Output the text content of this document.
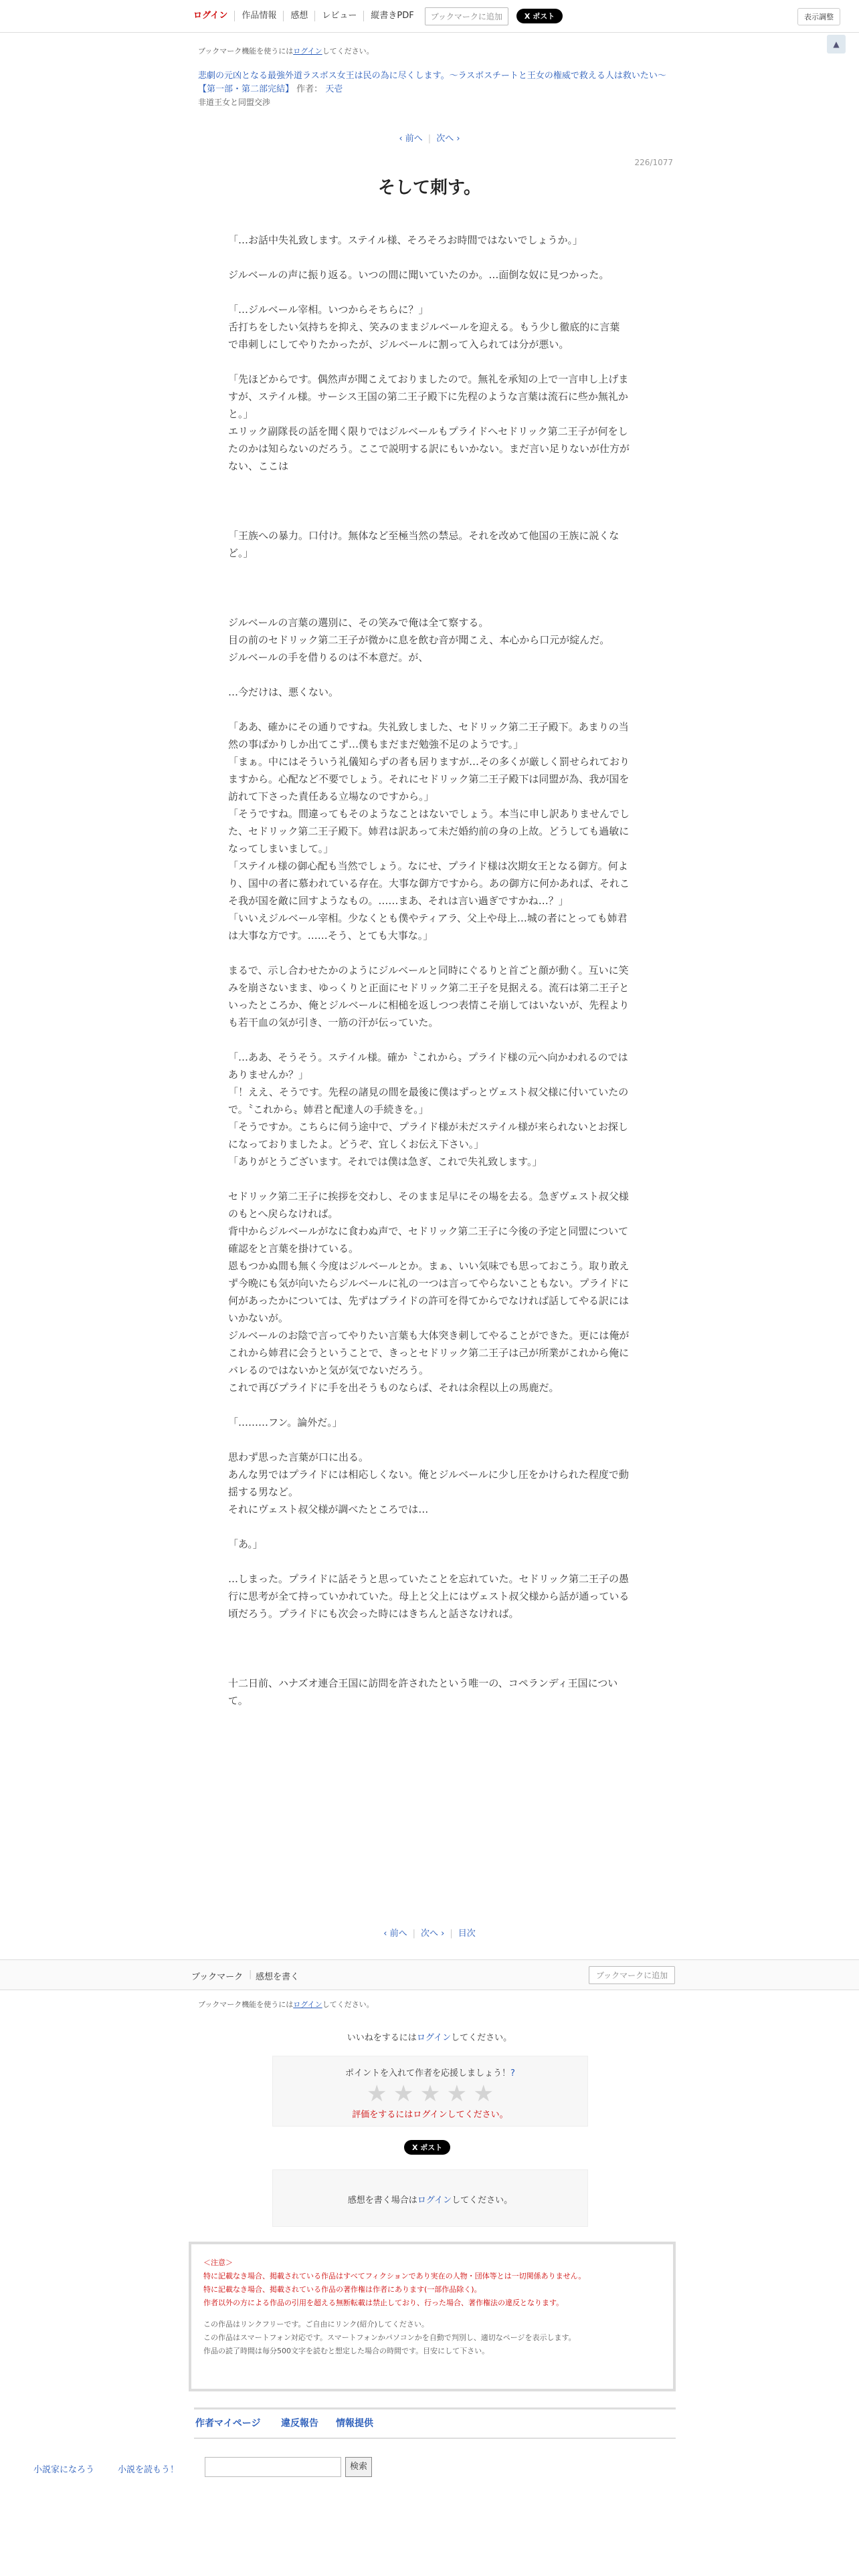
ログイン	作品情報	感想	レビュー	縦書きPDF	ブックマークに追加	X ポスト	表示調整
▲
ブックマーク機能を使うにはログインしてください。
悲劇の元凶となる最強外道ラスボス女王は民の為に尽くします。〜ラスボスチートと王女の権威で救える人は救いたい〜【第一部・第二部完結】 作者： 天壱
非道王女と同盟交渉
‹ 前へ | 次へ ›
226/1077
そして刺す。

「…お話中失礼致します。ステイル様、そろそろお時間ではないでしょうか。」

ジルベールの声に振り返る。いつの間に聞いていたのか。…面倒な奴に見つかった。

「…ジルベール宰相。いつからそちらに？」

舌打ちをしたい気持ちを抑え、笑みのままジルベールを迎える。もう少し徹底的に言葉で串刺しにしてやりたかったが、ジルベールに割って入られては分が悪い。

「先ほどからです。偶然声が聞こえておりましたので。無礼を承知の上で一言申し上げますが、ステイル様。サーシス王国の第二王子殿下に先程のような言葉は流石に些か無礼かと。」

エリック副隊長の話を聞く限りではジルベールもプライドへセドリック第二王子が何をしたのかは知らないのだろう。ここで説明する訳にもいかない。まだ言い足りないが仕方がない、ここは

「王族への暴力。口付け。無体など至極当然の禁忌。それを改めて他国の王族に説くなど。」

ジルベールの言葉の選別に、その笑みで俺は全て察する。

目の前のセドリック第二王子が微かに息を飲む音が聞こえ、本心から口元が綻んだ。

ジルベールの手を借りるのは不本意だ。が、

…今だけは、悪くない。

「ああ、確かにその通りですね。失礼致しました、セドリック第二王子殿下。あまりの当然の事ばかりしか出てこず…僕もまだまだ勉強不足のようです。」

「まぁ。中にはそういう礼儀知らずの者も居りますが…その多くが厳しく罰せられておりますから。心配など不要でしょう。それにセドリック第二王子殿下は同盟が為、我が国を訪れて下さった責任ある立場なのですから。」

「そうですね。間違ってもそのようなことはないでしょう。本当に申し訳ありませんでした、セドリック第二王子殿下。姉君は訳あって未だ婚約前の身の上故。どうしても過敏になってしまいまして。」

「ステイル様の御心配も当然でしょう。なにせ、プライド様は次期女王となる御方。何より、国中の者に慕われている存在。大事な御方ですから。あの御方に何かあれば、それこそ我が国を敵に回すようなもの。……まあ、それは言い過ぎですかね…？」

「いいえジルベール宰相。少なくとも僕やティアラ、父上や母上…城の者にとっても姉君は大事な方です。……そう、とても大事な。」

まるで、示し合わせたかのようにジルベールと同時にぐるりと首ごと顔が動く。互いに笑みを崩さないまま、ゆっくりと正面にセドリック第二王子を見据える。流石は第二王子といったところか、俺とジルベールに相槌を返しつつ表情こそ崩してはいないが、先程よりも若干血の気が引き、一筋の汗が伝っていた。

「…ああ、そうそう。ステイル様。確か〝これから〟プライド様の元へ向かわれるのではありませんか？」

「！ええ、そうです。先程の諸見の間を最後に僕はずっとヴェスト叔父様に付いていたので。〝これから〟姉君と配達人の手続きを。」

「そうですか。こちらに伺う途中で、プライド様が未だステイル様が来られないとお探しになっておりましたよ。どうぞ、宜しくお伝え下さい。」

「ありがとうございます。それでは僕は急ぎ、これで失礼致します。」

セドリック第二王子に挨拶を交わし、そのまま足早にその場を去る。急ぎヴェスト叔父様のもとへ戻らなければ。

背中からジルベールがなに食わぬ声で、セドリック第二王子に今後の予定と同盟について確認をと言葉を掛けている。

恩もつかぬ間も無く今度はジルベールとか。まぁ、いい気味でも思っておこう。取り敢えず今晩にも気が向いたらジルベールに礼の一つは言ってやらないこともない。プライドに何があったかについては、先ずはプライドの許可を得てからでなければ話してやる訳にはいかないが。

ジルベールのお陰で言ってやりたい言葉も大体突き刺してやることができた。更には俺がこれから姉君に会うということで、きっとセドリック第二王子は己が所業がこれから俺にバレるのではないかと気が気でないだろう。

これで再びプライドに手を出そうものならば、それは余程以上の馬鹿だ。

「………フン。論外だ。」

思わず思った言葉が口に出る。

あんな男ではプライドには相応しくない。俺とジルベールに少し圧をかけられた程度で動揺する男など。

それにヴェスト叔父様が調べたところでは…

「あ。」

…しまった。プライドに話そうと思っていたことを忘れていた。セドリック第二王子の愚行に思考が全て持っていかれていた。母上と父上にはヴェスト叔父様から話が通っている頃だろう。プライドにも次会った時にはきちんと話さなければ。

十二日前、ハナズオ連合王国に訪問を許されたという唯一の、コペランディ王国について。

‹ 前へ | 次へ › | 目次
ブックマーク | 感想を書く	ブックマークに追加
ブックマーク機能を使うにはログインしてください。
いいねをするにはログインしてください。
ポイントを入れて作者を応援しましょう！?
★ ★ ★ ★ ★
評価をするにはログインしてください。
X ポスト
感想を書く場合はログインしてください。
＜注意＞
特に記載なき場合、掲載されている作品はすべてフィクションであり実在の人物・団体等とは一切関係ありません。
特に記載なき場合、掲載されている作品の著作権は作者にあります(一部作品除く)。
作者以外の方による作品の引用を超える無断転載は禁止しており、行った場合、著作権法の違反となります。
この作品はリンクフリーです。ご自由にリンク(紹介)してください。
この作品はスマートフォン対応です。スマートフォンかパソコンかを自動で判別し、適切なページを表示します。
作品の読了時間は毎分500文字を読むと想定した場合の時間です。目安にして下さい。
作者マイページ 違反報告 情報提供
小説家になろう	小説を読もう！	検索
